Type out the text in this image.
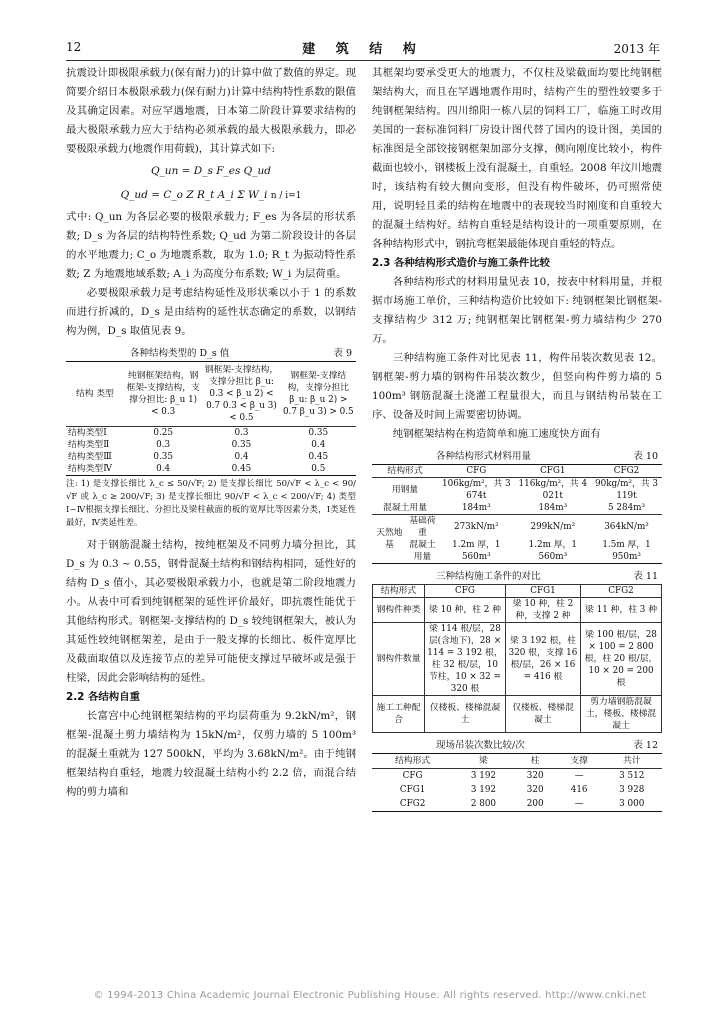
12	建 筑 结 构	2013 年

抗震设计即极限承载力(保有耐力)的计算中做了数值的界定。现简要介绍日本极限承载力(保有耐力)计算中结构特性系数的限值及其确定因素。对应罕遇地震，日本第二阶段计算要求结构的最大极限承载力应大于结构必须承载的最大极限承载力，即必要极限承载力(地震作用荷载)，其计算式如下:

Q_un = D_s F_es Q_ud
Q_ud = C_o Z R_t A_i Σ W_i n / i=1

式中: Q_un 为各层必要的极限承载力; F_es 为各层的形状系数; D_s 为各层的结构特性系数; Q_ud 为第二阶段设计的各层的水平地震力; C_o 为地震系数，取为 1.0; R_t 为振动特性系数; Z 为地震地域系数; A_i 为高度分布系数; W_i 为层荷重。

必要极限承载力是考虑结构延性及形状乘以小于 1 的系数而进行折减的，D_s 是由结构的延性状态确定的系数，以钢结构为例，D_s 取值见表 9。

各种结构类型的 D_s 值	表 9
结构 类型	纯钢框架结构，钢框架-支撑结构，支撑分担比: β_u 1) < 0.3	钢框架-支撑结构，支撑分担比 β_u: 0.3 < β_u 2) < 0.7 0.3 < β_u 3) < 0.5	钢框架-支撑结构，支撑分担比 β_u: β_u 2) > 0.7 β_u 3) > 0.5
结构类型Ⅰ	0.25	0.3	0.35
结构类型Ⅱ	0.3	0.35	0.4
结构类型Ⅲ	0.35	0.4	0.45
结构类型Ⅳ	0.4	0.45	0.5
注: 1) 是支撑长细比 λ_c ≤ 50/√F; 2) 是支撑长细比 50/√F < λ_c < 90/√F 或 λ_c ≥ 200/√F; 3) 是支撑长细比 90/√F < λ_c < 200/√F; 4) 类型Ⅰ~Ⅳ根据支撑长细比、分担比及梁柱截面的板的宽厚比等因素分类，Ⅰ类延性最好，Ⅳ类延性差。

对于钢筋混凝土结构，按纯框架及不同剪力墙分担比，其 D_s 为 0.3 ~ 0.55，钢骨混凝土结构和钢结构相同，延性好的结构 D_s 值小，其必要极限承载力小，也就是第二阶段地震力小。从表中可看到纯钢框架的延性评价最好，即抗震性能优于其他结构形式。钢框架-支撑结构的 D_s 较纯钢框架大，被认为其延性较纯钢框架差，是由于一般支撑的长细比、板件宽厚比及截面取值以及连接节点的差异可能使支撑过早破坏或是强于柱梁，因此会影响结构的延性。

2.2 各结构自重

长富宫中心纯钢框架结构的平均层荷重为 9.2kN/m²，钢框架-混凝土剪力墙结构为 15kN/m²，仅剪力墙的 5 100m³ 的混凝土重就为 127 500kN，平均为 3.68kN/m²。由于纯钢框架结构自重轻，地震力较混凝土结构小约 2.2 倍，而混合结构的剪力墙和

其框架均要承受更大的地震力，不仅柱及梁截面均要比纯钢框架结构大，而且在罕遇地震作用时，结构产生的塑性较要多于纯钢框架结构。四川绵阳一栋八层的饲料工厂，临施工时改用美国的一套标准饲料厂房设计图代替了国内的设计图，美国的标准图是全部铰接钢框架加部分支撑，侧向刚度比较小，构件截面也较小，钢楼板上没有混凝土，自重轻。2008 年汶川地震时，该结构有较大侧向变形，但没有构件破坏，仍可照常使用，说明轻且柔的结构在地震中的表现较当时刚度和自重较大的混凝土结构好。结构自重轻是结构设计的一项重要原则，在各种结构形式中，钢抗弯框架最能体现自重轻的特点。

2.3 各种结构形式造价与施工条件比较

各种结构形式的材料用量见表 10，按表中材料用量，并根据市场施工单价，三种结构造价比较如下: 纯钢框架比钢框架-支撑结构少 312 万; 纯钢框架比钢框架-剪力墙结构少 270 万。

三种结构施工条件对比见表 11，构件吊装次数见表 12。钢框架-剪力墙的钢构件吊装次数少，但竖向构件剪力墙的 5 100m³ 钢筋混凝土浇灌工程量很大，而且与钢结构吊装在工序、设备及时间上需要密切协调。

纯钢框架结构在构造简单和施工速度快方面有

各种结构形式材料用量	表 10
结构形式		CFG	CFG1	CFG2
用钢量		106kg/m²，共 3 674t	116kg/m²，共 4 021t	90kg/m²，共 3 119t
混凝土用量		184m³	184m³	5 284m³
天然地基	基础荷重	273kN/m²	299kN/m²	364kN/m²
	混凝土用量	1.2m 厚，1 560m³	1.2m 厚，1 560m³	1.5m 厚，1 950m³
三种结构施工条件的对比	表 11
结构形式	CFG	CFG1	CFG2
钢构件种类	梁 10 种，柱 2 种	梁 10 种，柱 2 种，支撑 2 种	梁 11 种，柱 3 种
钢构件数量	梁 114 根/层，28 层(含地下)，28 × 114 = 3 192 根，柱 32 根/层，10 节柱，10 × 32 = 320 根	梁 3 192 根，柱 320 根，支撑 16 根/层，26 × 16 = 416 根	梁 100 根/层，28 × 100 = 2 800 根，柱 20 根/层，10 × 20 = 200 根
施工工种配合	仅楼板、楼梯混凝土	仅楼板、楼梯混凝土	剪力墙钢筋混凝土，楼板、楼梯混凝土
现场吊装次数比较/次	表 12
结构形式	梁	柱	支撑	共计
CFG	3 192	320	—	3 512
CFG1	3 192	320	416	3 928
CFG2	2 800	200	—	3 000
© 1994-2013 China Academic Journal Electronic Publishing House. All rights reserved. http://www.cnki.net
